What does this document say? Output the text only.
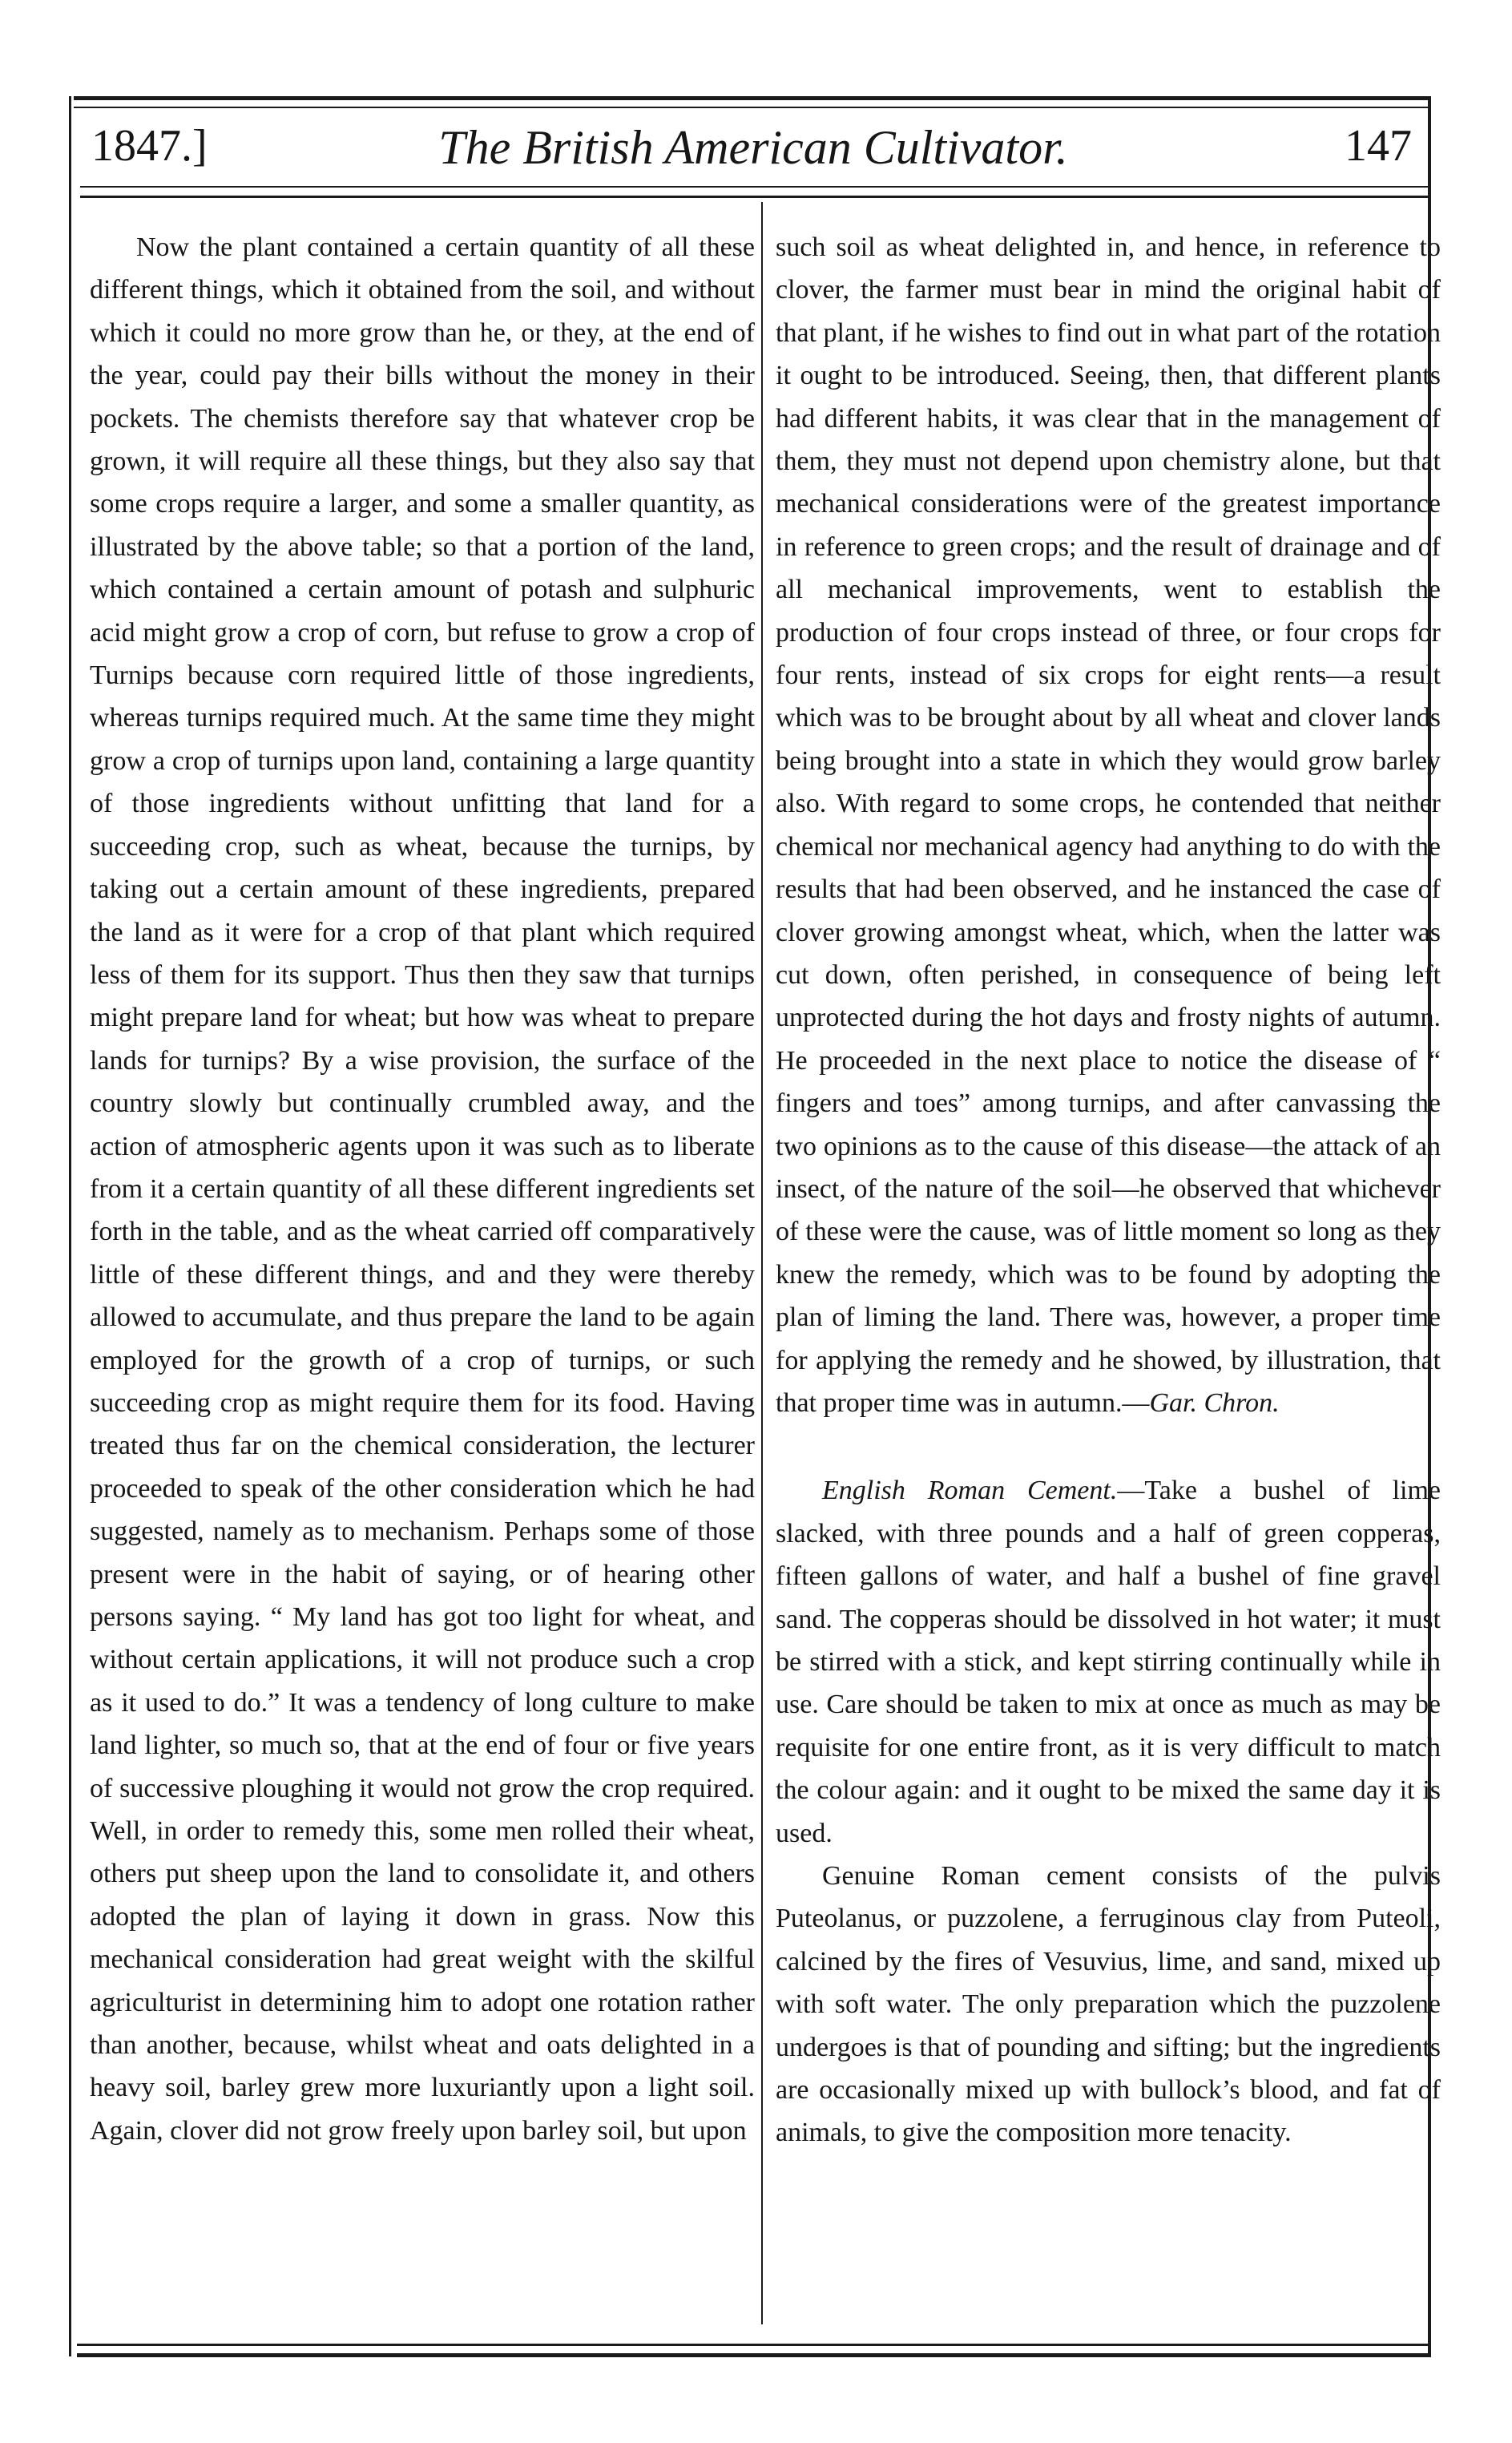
1847.]	The British American Cultivator.	147

Now the plant contained a certain quantity of all these different things, which it obtained from the soil, and without which it could no more grow than he, or they, at the end of the year, could pay their bills without the money in their pockets. The chemists therefore say that whatever crop be grown, it will require all these things, but they also say that some crops require a larger, and some a smaller quantity, as illustrated by the above table; so that a portion of the land, which contained a certain amount of potash and sulphuric acid might grow a crop of corn, but refuse to grow a crop of Turnips because corn required little of those ingredients, whereas turnips required much. At the same time they might grow a crop of turnips upon land, containing a large quantity of those ingredients without unfitting that land for a succeeding crop, such as wheat, because the turnips, by taking out a certain amount of these ingredients, prepared the land as it were for a crop of that plant which required less of them for its support. Thus then they saw that turnips might prepare land for wheat; but how was wheat to prepare lands for turnips? By a wise provision, the surface of the country slowly but continually crumbled away, and the action of atmospheric agents upon it was such as to liberate from it a certain quantity of all these different ingredients set forth in the table, and as the wheat carried off comparatively little of these different things, and and they were thereby allowed to accumulate, and thus prepare the land to be again employed for the growth of a crop of turnips, or such succeeding crop as might require them for its food. Having treated thus far on the chemical consideration, the lecturer proceeded to speak of the other consideration which he had suggested, namely as to mechanism. Perhaps some of those present were in the habit of saying, or of hearing other persons saying. “ My land has got too light for wheat, and without certain applications, it will not produce such a crop as it used to do.” It was a tendency of long culture to make land lighter, so much so, that at the end of four or five years of successive ploughing it would not grow the crop required. Well, in order to remedy this, some men rolled their wheat, others put sheep upon the land to consolidate it, and others adopted the plan of laying it down in grass. Now this mechanical consideration had great weight with the skilful agriculturist in determining him to adopt one rotation rather than another, because, whilst wheat and oats delighted in a heavy soil, barley grew more luxuriantly upon a light soil. Again, clover did not grow freely upon barley soil, but upon

such soil as wheat delighted in, and hence, in reference to clover, the farmer must bear in mind the original habit of that plant, if he wishes to find out in what part of the rotation it ought to be introduced. Seeing, then, that different plants had different habits, it was clear that in the management of them, they must not depend upon chemistry alone, but that mechanical considerations were of the greatest importance in reference to green crops; and the result of drainage and of all mechanical improvements, went to establish the production of four crops instead of three, or four crops for four rents, instead of six crops for eight rents—a result which was to be brought about by all wheat and clover lands being brought into a state in which they would grow barley also. With regard to some crops, he contended that neither chemical nor mechanical agency had anything to do with the results that had been observed, and he instanced the case of clover growing amongst wheat, which, when the latter was cut down, often perished, in consequence of being left unprotected during the hot days and frosty nights of autumn. He proceeded in the next place to notice the disease of “ fingers and toes” among turnips, and after canvassing the two opinions as to the cause of this disease—the attack of an insect, of the nature of the soil—he observed that whichever of these were the cause, was of little moment so long as they knew the remedy, which was to be found by adopting the plan of liming the land. There was, however, a proper time for applying the remedy and he showed, by illustration, that that proper time was in autumn.—Gar. Chron.

English Roman Cement.—Take a bushel of lime slacked, with three pounds and a half of green copperas, fifteen gallons of water, and half a bushel of fine gravel sand. The copperas should be dissolved in hot water; it must be stirred with a stick, and kept stirring continually while in use. Care should be taken to mix at once as much as may be requisite for one entire front, as it is very difficult to match the colour again: and it ought to be mixed the same day it is used.

Genuine Roman cement consists of the pulvis Puteolanus, or puzzolene, a ferruginous clay from Puteoli, calcined by the fires of Vesuvius, lime, and sand, mixed up with soft water. The only preparation which the puzzolene undergoes is that of pounding and sifting; but the ingredients are occasionally mixed up with bullock’s blood, and fat of animals, to give the composition more tenacity.
